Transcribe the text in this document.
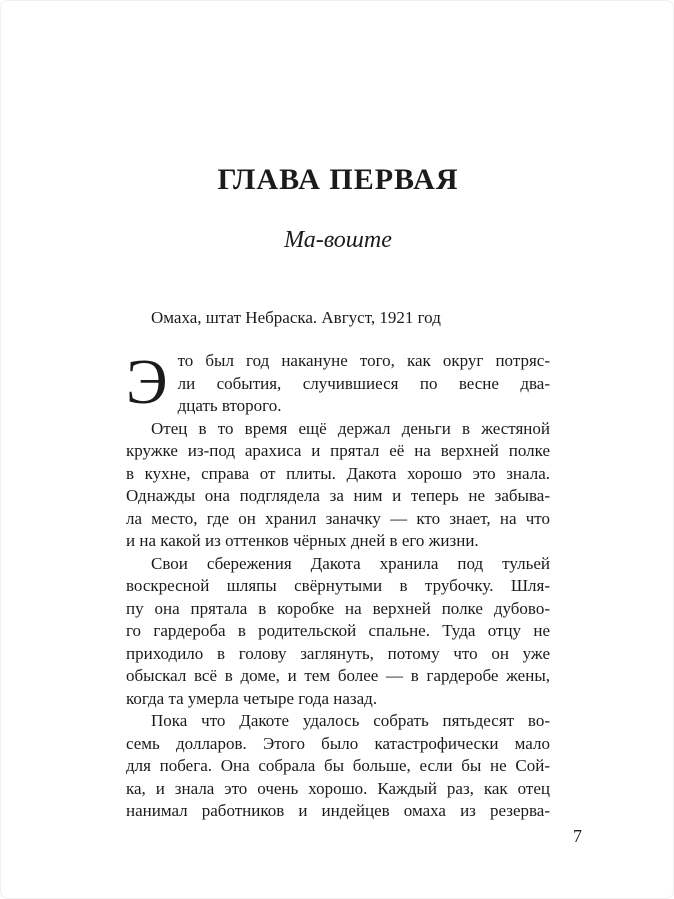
ГЛАВА ПЕРВАЯ
Ма-воште
Омаха, штат Небраска. Август, 1921 год
Э то был год накануне того, как округ потряс-
ли события, случившиеся по весне два-
дцать второго.
Отец в то время ещё держал деньги в жестяной
кружке из-под арахиса и прятал её на верхней полке
в кухне, справа от плиты. Дакота хорошо это знала.
Однажды она подглядела за ним и теперь не забыва-
ла место, где он хранил заначку — кто знает, на что
и на какой из оттенков чёрных дней в его жизни.
Свои сбережения Дакота хранила под тульей
воскресной шляпы свёрнутыми в трубочку. Шля-
пу она прятала в коробке на верхней полке дубово-
го гардероба в родительской спальне. Туда отцу не
приходило в голову заглянуть, потому что он уже
обыскал всё в доме, и тем более — в гардеробе жены,
когда та умерла четыре года назад.
Пока что Дакоте удалось собрать пятьдесят во-
семь долларов. Этого было катастрофически мало
для побега. Она собрала бы больше, если бы не Сой-
ка, и знала это очень хорошо. Каждый раз, как отец
нанимал работников и индейцев омаха из резерва-
7
